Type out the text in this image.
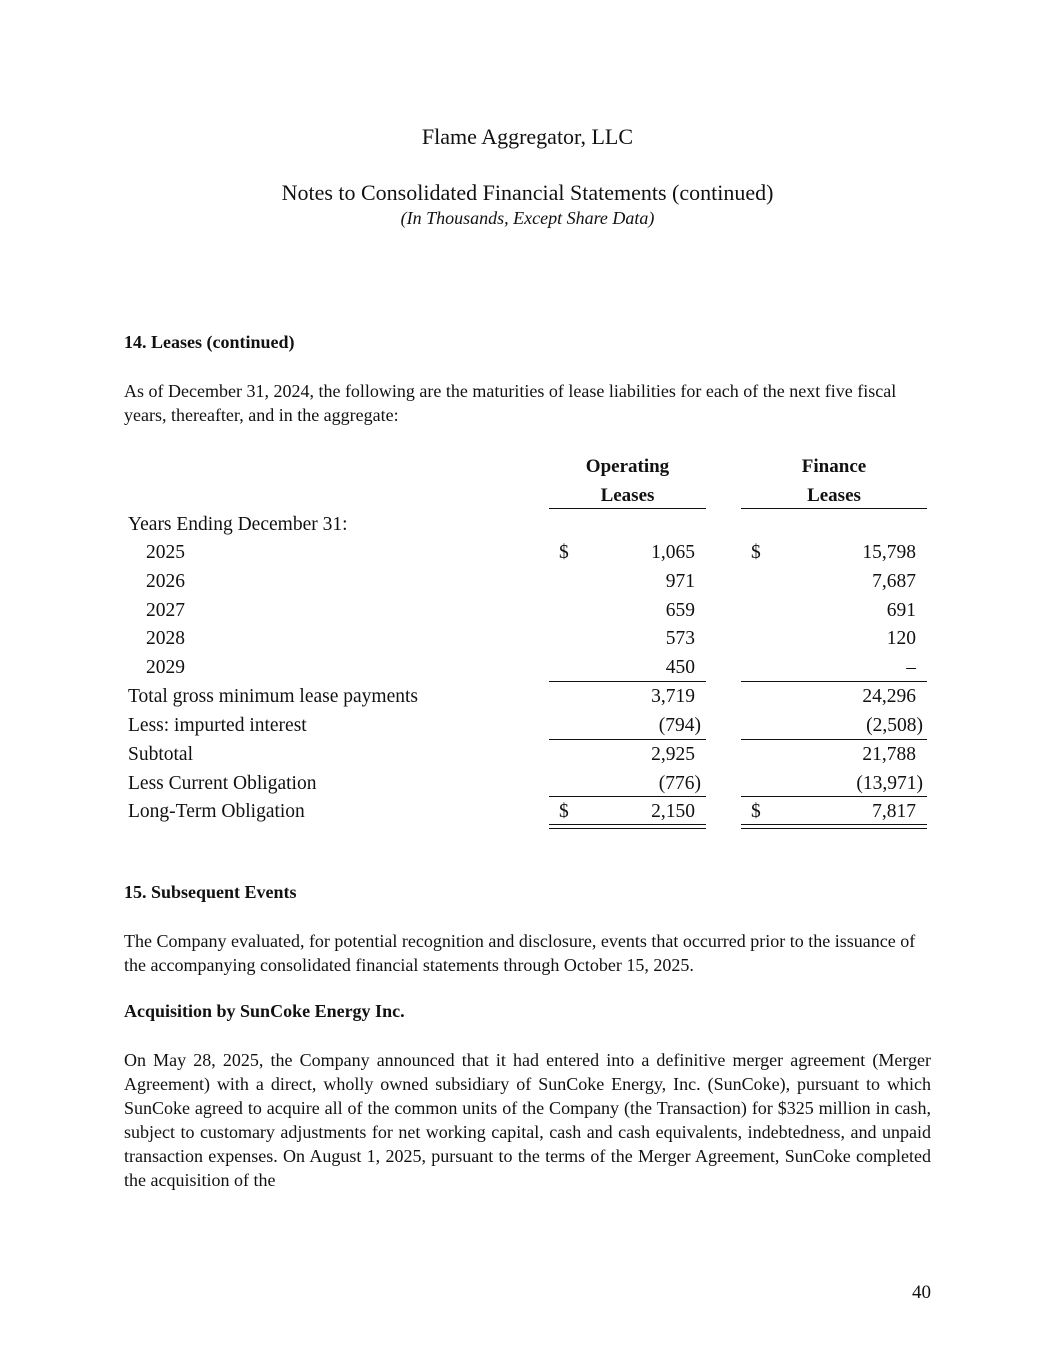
Flame Aggregator, LLC
Notes to Consolidated Financial Statements (continued)
(In Thousands, Except Share Data)
14. Leases (continued)
As of December 31, 2024, the following are the maturities of lease liabilities for each of the next five fiscal years, thereafter, and in the aggregate:
Operating
Leases
Finance
Leases
Years Ending December 31:
2025	$	1,065	$	15,798
2026	971	7,687
2027	659	691
2028	573	120
2029	450	–
Total gross minimum lease payments	3,719	24,296
Less: impurted interest	(794)	(2,508)
Subtotal	2,925	21,788
Less Current Obligation	(776)	(13,971)
Long-Term Obligation	$	2,150	$	7,817
15. Subsequent Events
The Company evaluated, for potential recognition and disclosure, events that occurred prior to the issuance of the accompanying consolidated financial statements through October 15, 2025.
Acquisition by SunCoke Energy Inc.
On May 28, 2025, the Company announced that it had entered into a definitive merger agreement (Merger Agreement) with a direct, wholly owned subsidiary of SunCoke Energy, Inc. (SunCoke), pursuant to which SunCoke agreed to acquire all of the common units of the Company (the Transaction) for $325 million in cash, subject to customary adjustments for net working capital, cash and cash equivalents, indebtedness, and unpaid transaction expenses. On August 1, 2025, pursuant to the terms of the Merger Agreement, SunCoke completed the acquisition of the
40
